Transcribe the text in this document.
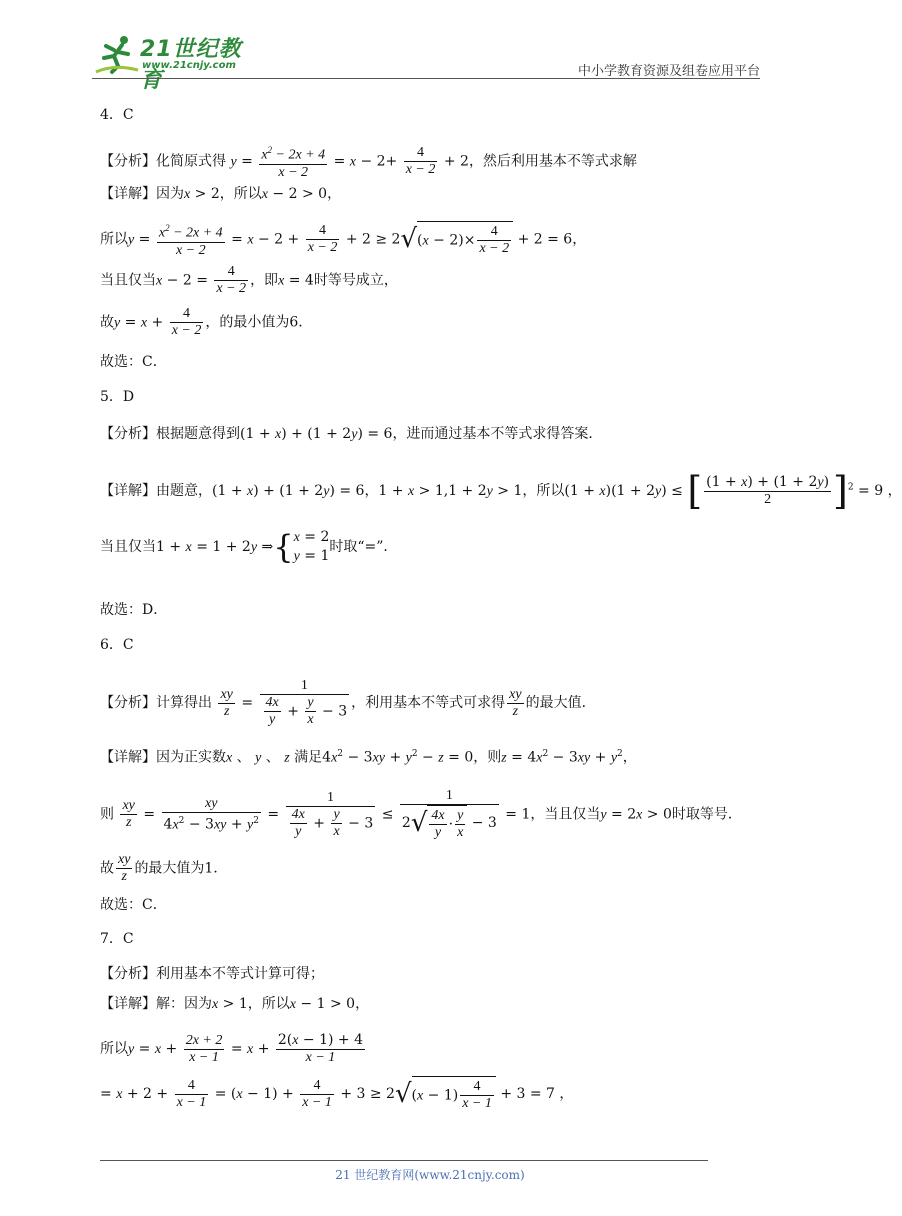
21世纪教育
www.21cnjy.com	中小学教育资源及组卷应用平台
4．C
【分析】化简原式得 $y = \frac{x^2 - 2x + 4}{x - 2} = x - 2+ \frac{4}{x - 2} + 2$，然后利用基本不等式求解
【详解】因为x > 2，所以x − 2 > 0，
所以$y = \frac{x^2 - 2x + 4}{x - 2} = x - 2 + \frac{4}{x - 2} + 2 \ge 2√(x - 2)\times \frac{4}{x - 2} + 2 = 6$，
当且仅当$x - 2 = \frac{4}{x - 2}$ ，即x = 4时等号成立，
故$y = x + \frac{4}{x - 2}$ ，的最小值为6．
故选：C．
5．D
【分析】根据题意得到(1 + x) + (1 + 2y) = 6，进而通过基本不等式求得答案．
【详解】由题意，(1 + x) + (1 + 2y) = 6，1 + x > 1,1 + 2y > 1，所以(1 + x)(1 + 2y) ≤ [ $\frac{(1 + x) + (1 + 2y)}{2} ]^2 = 9$ ，
当且仅当1 + x = 1 + 2y ⇒{x = 2
y = 1时取“=”．
故选：D．
6．C
【分析】计算得出 $\frac{xy}{z} = \frac{1}{\frac{4x}{y} + \frac{y}{x} - 3}$ ，利用基本不等式可求得 $\frac{xy}{z}$ 的最大值．
【详解】因为正实数x 、 y 、 z 满足$4x^2 - 3xy + y^2 - z = 0$，则$z = 4x^2 - 3xy + y^2$，
则 $\frac{xy}{z} = \frac{xy}{4x^2 - 3xy + y^2} = \frac{1}{\frac{4x}{y} + \frac{y}{x} - 3} \le \frac{1}{2√ \frac{4x}{y} \cdot \frac{y}{x} - 3} = 1$，当且仅当y = 2x > 0时取等号．
故 $\frac{xy}{z}$ 的最大值为1．
故选：C．
7．C
【分析】利用基本不等式计算可得；
【详解】解：因为x > 1，所以x − 1 > 0，
所以$y = x + \frac{2x + 2}{x - 1} = x + \frac{2(x - 1) + 4}{x - 1}$
= $x + 2 + \frac{4}{x - 1} = (x - 1) + \frac{4}{x - 1} + 3 \ge 2√(x - 1) \frac{4}{x - 1} + 3 = 7$ ，
21 世纪教育网(www.21cnjy.com)
